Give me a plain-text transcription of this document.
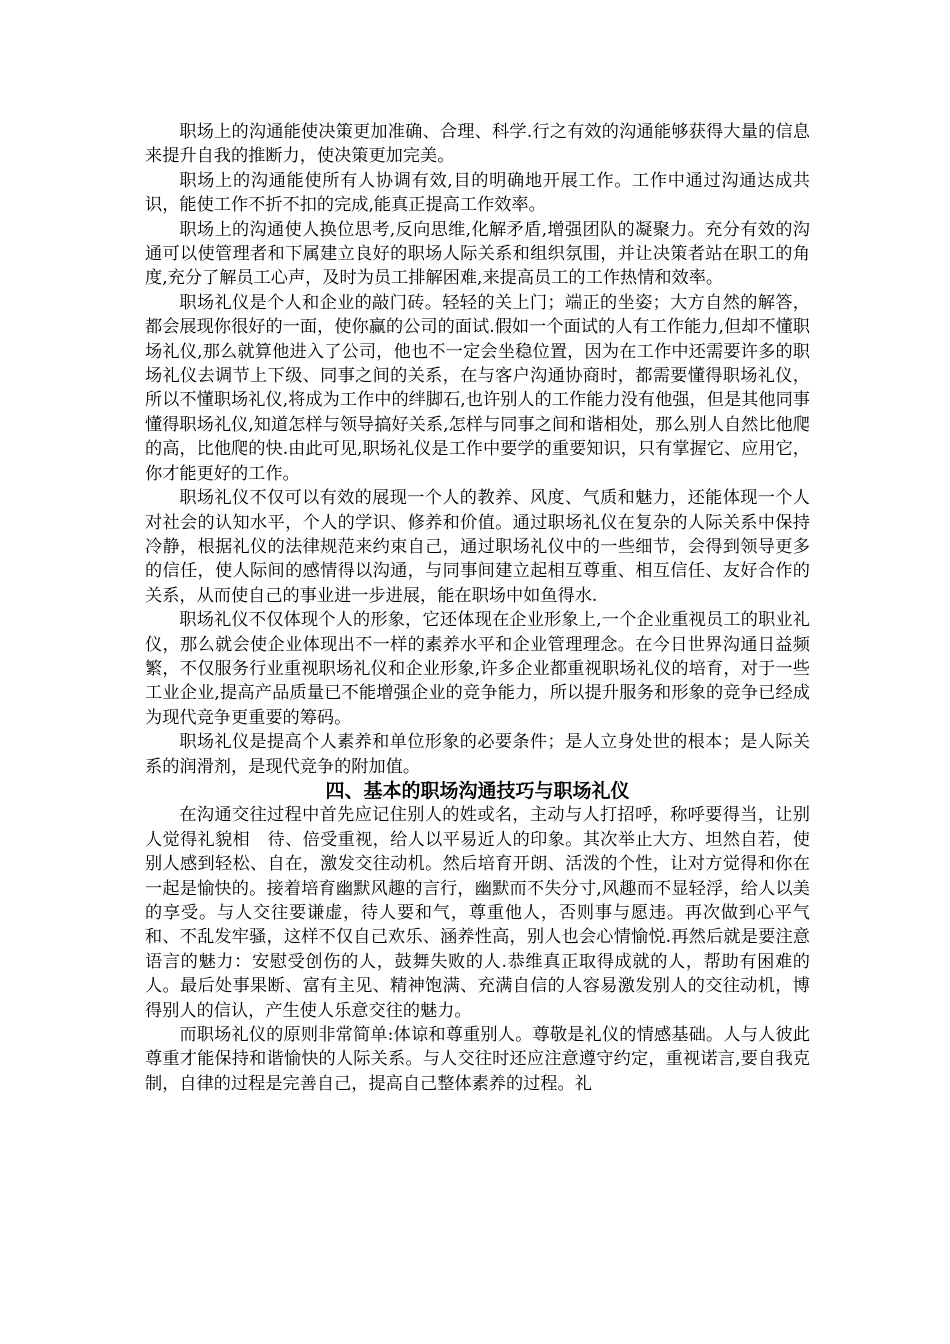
职场上的沟通能使决策更加准确、合理、科学.行之有效的沟通能够获得大量的信息来提升自我的推断力，使决策更加完美。

职场上的沟通能使所有人协调有效,目的明确地开展工作。工作中通过沟通达成共识，能使工作不折不扣的完成,能真正提高工作效率。

职场上的沟通使人换位思考,反向思维,化解矛盾,增强团队的凝聚力。充分有效的沟通可以使管理者和下属建立良好的职场人际关系和组织氛围，并让决策者站在职工的角度,充分了解员工心声，及时为员工排解困难,来提高员工的工作热情和效率。

职场礼仪是个人和企业的敲门砖。轻轻的关上门；端正的坐姿；大方自然的解答，都会展现你很好的一面，使你赢的公司的面试.假如一个面试的人有工作能力,但却不懂职场礼仪,那么就算他进入了公司，他也不一定会坐稳位置，因为在工作中还需要许多的职场礼仪去调节上下级、同事之间的关系，在与客户沟通协商时，都需要懂得职场礼仪，所以不懂职场礼仪,将成为工作中的绊脚石,也许别人的工作能力没有他强，但是其他同事懂得职场礼仪,知道怎样与领导搞好关系,怎样与同事之间和谐相处，那么别人自然比他爬的高，比他爬的快.由此可见,职场礼仪是工作中要学的重要知识，只有掌握它、应用它，你才能更好的工作。

职场礼仪不仅可以有效的展现一个人的教养、风度、气质和魅力，还能体现一个人对社会的认知水平，个人的学识、修养和价值。通过职场礼仪在复杂的人际关系中保持冷静，根据礼仪的法律规范来约束自己，通过职场礼仪中的一些细节，会得到领导更多的信任，使人际间的感情得以沟通，与同事间建立起相互尊重、相互信任、友好合作的关系，从而使自己的事业进一步进展，能在职场中如鱼得水.

职场礼仪不仅体现个人的形象，它还体现在企业形象上,一个企业重视员工的职业礼仪，那么就会使企业体现出不一样的素养水平和企业管理理念。在今日世界沟通日益频繁，不仅服务行业重视职场礼仪和企业形象,许多企业都重视职场礼仪的培育，对于一些工业企业,提高产品质量已不能增强企业的竞争能力，所以提升服务和形象的竞争已经成为现代竞争更重要的筹码。

职场礼仪是提高个人素养和单位形象的必要条件；是人立身处世的根本；是人际关系的润滑剂，是现代竞争的附加值。

四、基本的职场沟通技巧与职场礼仪

在沟通交往过程中首先应记住别人的姓或名，主动与人打招呼，称呼要得当，让别人觉得礼貌相　待、倍受重视，给人以平易近人的印象。其次举止大方、坦然自若，使别人感到轻松、自在，激发交往动机。然后培育开朗、活泼的个性，让对方觉得和你在一起是愉快的。接着培育幽默风趣的言行，幽默而不失分寸,风趣而不显轻浮，给人以美的享受。与人交往要谦虚，待人要和气，尊重他人，否则事与愿违。再次做到心平气和、不乱发牢骚，这样不仅自己欢乐、涵养性高，别人也会心情愉悦.再然后就是要注意语言的魅力：安慰受创伤的人，鼓舞失败的人.恭维真正取得成就的人，帮助有困难的人。最后处事果断、富有主见、精神饱满、充满自信的人容易激发别人的交往动机，博得别人的信认，产生使人乐意交往的魅力。

而职场礼仪的原则非常简单:体谅和尊重别人。尊敬是礼仪的情感基础。人与人彼此尊重才能保持和谐愉快的人际关系。与人交往时还应注意遵守约定，重视诺言,要自我克制，自律的过程是完善自己，提高自己整体素养的过程。礼
